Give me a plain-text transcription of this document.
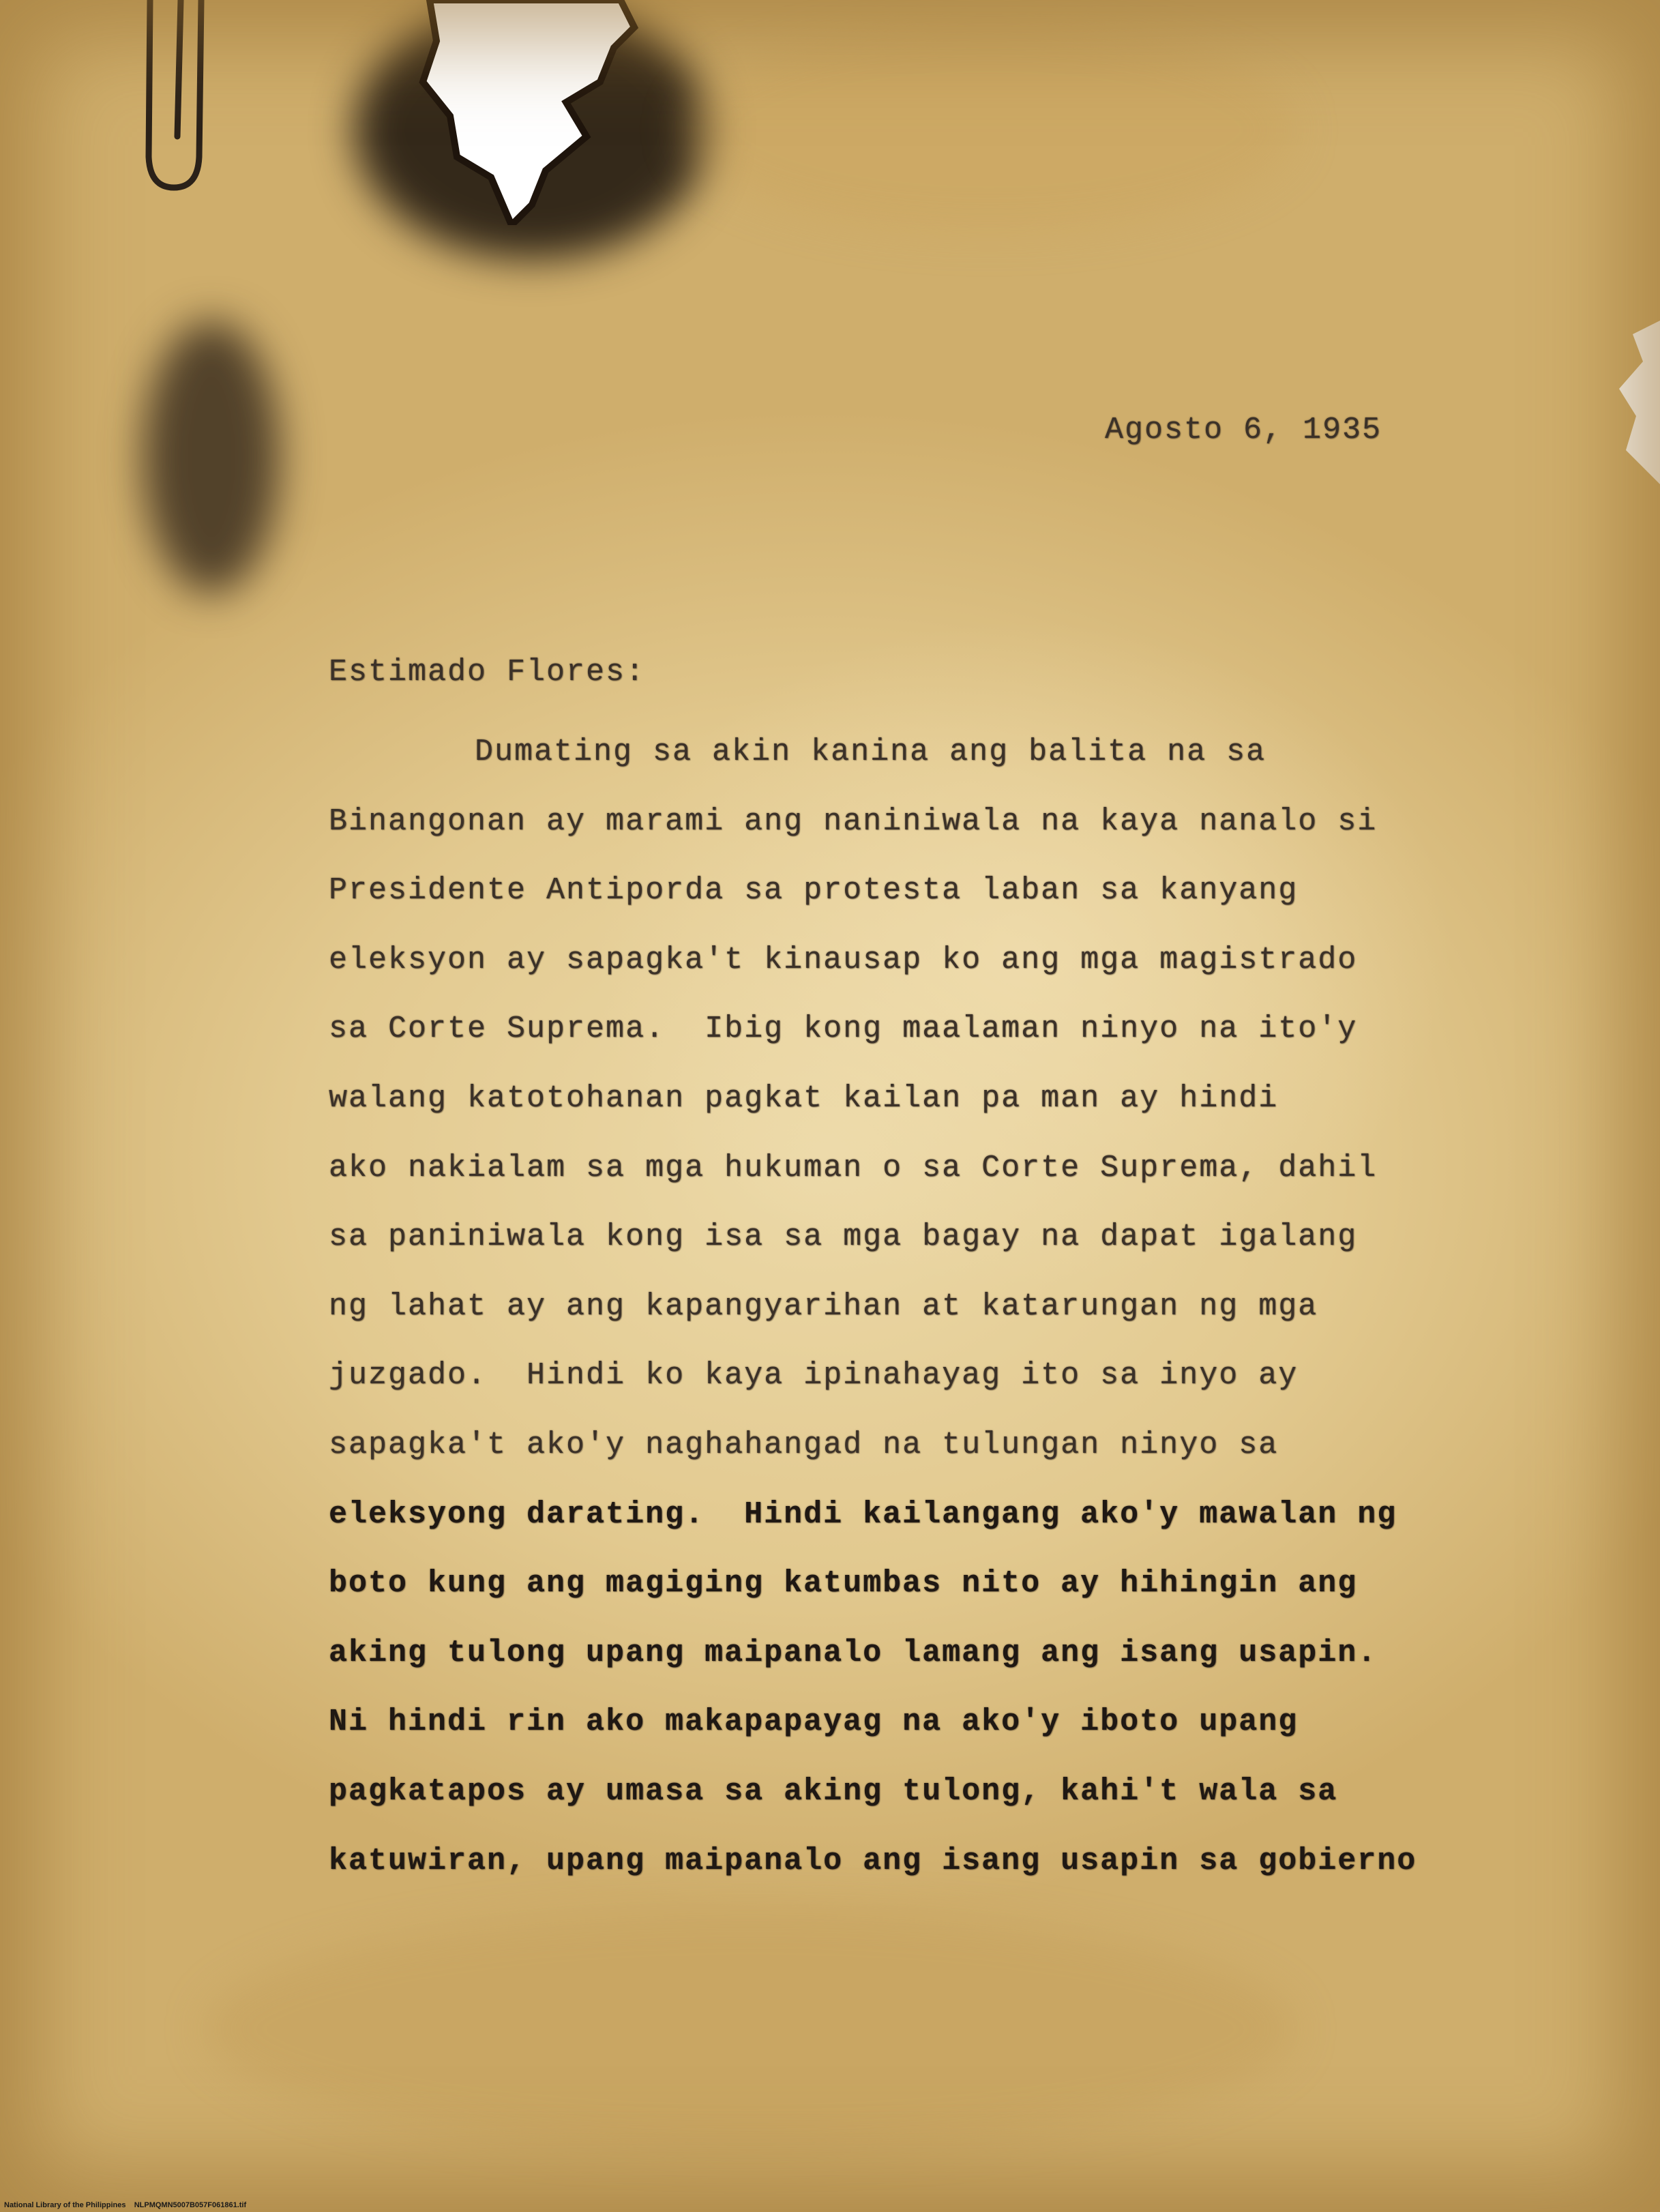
Agosto 6, 1935
Estimado Flores:
Dumating sa akin kanina ang balita na sa
Binangonan ay marami ang naniniwala na kaya nanalo si
Presidente Antiporda sa protesta laban sa kanyang
eleksyon ay sapagka't kinausap ko ang mga magistrado
sa Corte Suprema.  Ibig kong maalaman ninyo na ito'y
walang katotohanan pagkat kailan pa man ay hindi
ako nakialam sa mga hukuman o sa Corte Suprema, dahil
sa paniniwala kong isa sa mga bagay na dapat igalang
ng lahat ay ang kapangyarihan at katarungan ng mga
juzgado.  Hindi ko kaya ipinahayag ito sa inyo ay
sapagka't ako'y naghahangad na tulungan ninyo sa
eleksyong darating.  Hindi kailangang ako'y mawalan ng
boto kung ang magiging katumbas nito ay hihingin ang
aking tulong upang maipanalo lamang ang isang usapin.
Ni hindi rin ako makapapayag na ako'y iboto upang
pagkatapos ay umasa sa aking tulong, kahi't wala sa
katuwiran, upang maipanalo ang isang usapin sa gobierno
National Library of the Philippines    NLPMQMN5007B057F061861.tif
